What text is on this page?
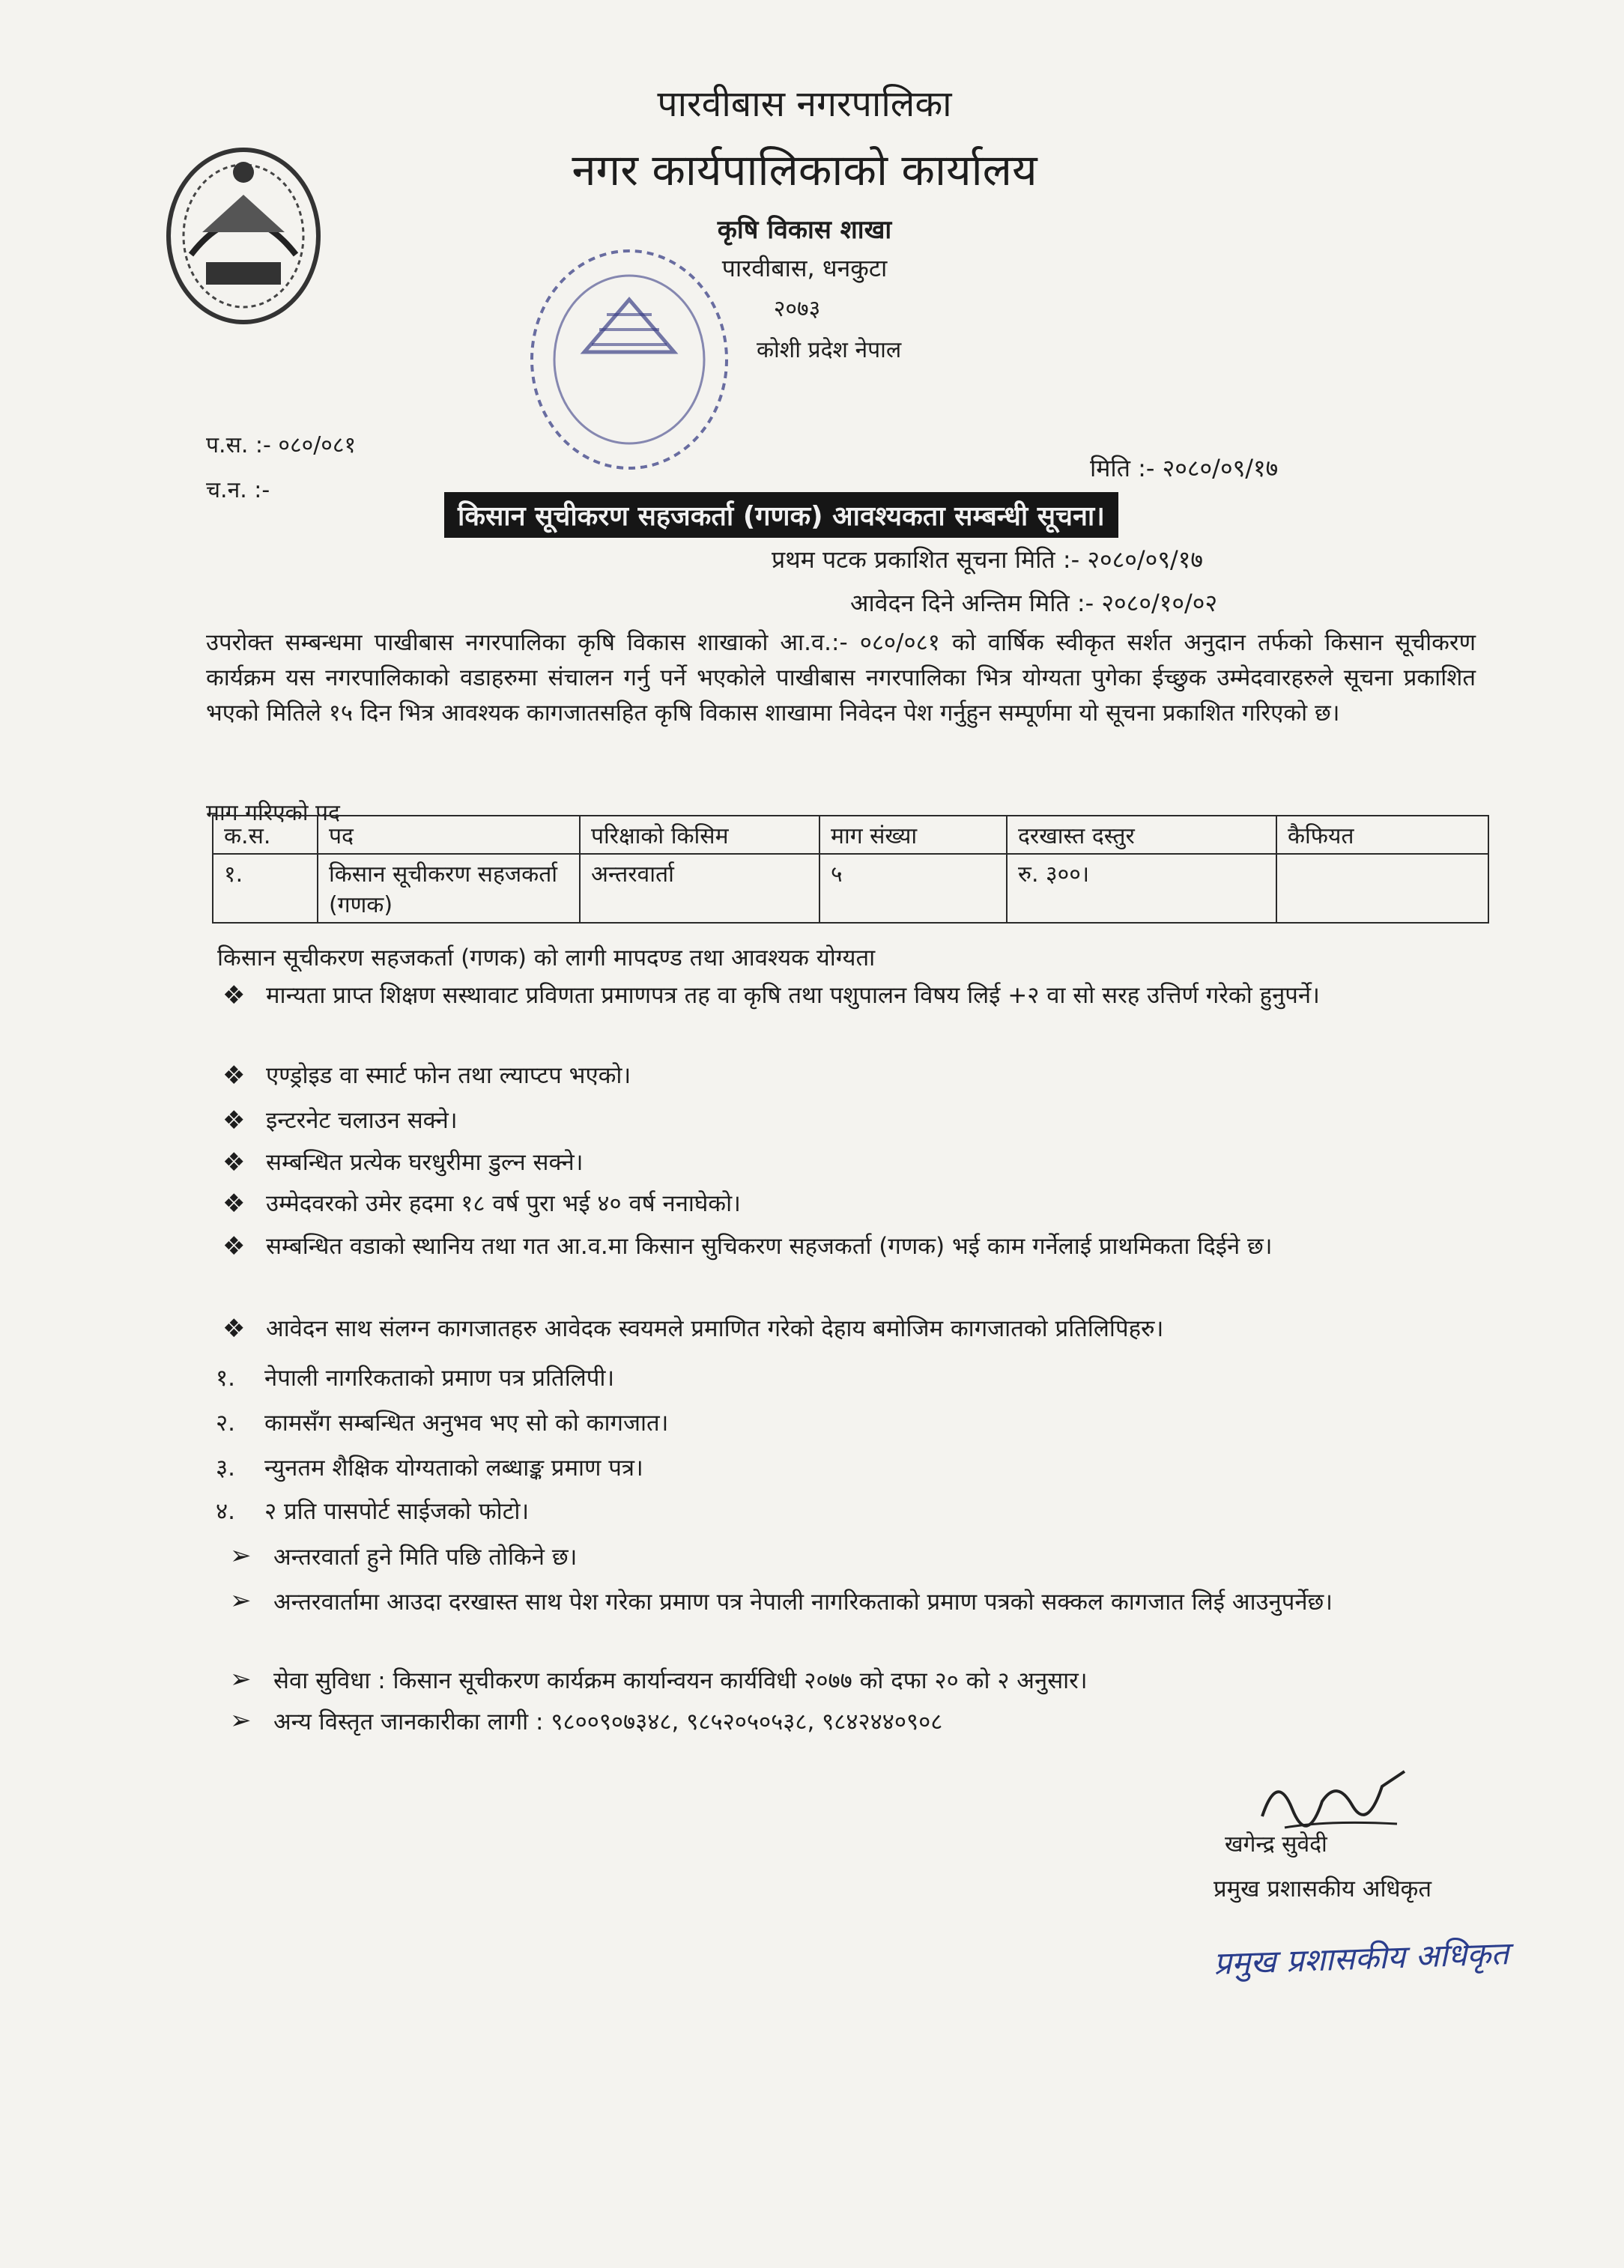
पारवीबास नगरपालिका
नगर कार्यपालिकाको कार्यालय
कृषि विकास शाखा
पारवीबास, धनकुटा
२०७३
कोशी प्रदेश नेपाल
प.स. :- ०८०/०८१
च.न. :-
मिति :- २०८०/०९/१७
किसान सूचीकरण सहजकर्ता (गणक) आवश्यकता सम्बन्धी सूचना।
प्रथम पटक प्रकाशित सूचना मिति :- २०८०/०९/१७
आवेदन दिने अन्तिम मिति :- २०८०/१०/०२
उपरोक्त सम्बन्धमा पाखीबास नगरपालिका कृषि विकास शाखाको आ.व.:- ०८०/०८१ को वार्षिक स्वीकृत सर्शत अनुदान तर्फको किसान सूचीकरण कार्यक्रम यस नगरपालिकाको वडाहरुमा संचालन गर्नु पर्ने भएकोले पाखीबास नगरपालिका भित्र योग्यता पुगेका ईच्छुक उम्मेदवारहरुले सूचना प्रकाशित भएको मितिले १५ दिन भित्र आवश्यक कागजातसहित कृषि विकास शाखामा निवेदन पेश गर्नुहुन सम्पूर्णमा यो सूचना प्रकाशित गरिएको छ।
माग गरिएको पद
क.स.	पद	परिक्षाको किसिम	माग संख्या	दरखास्त दस्तुर	कैफियत
१.	किसान सूचीकरण सहजकर्ता (गणक)	अन्तरवार्ता	५	रु. ३००।	
किसान सूचीकरण सहजकर्ता (गणक) को लागी मापदण्ड तथा आवश्यक योग्यता
❖ मान्यता प्राप्त शिक्षण सस्थावाट प्रविणता प्रमाणपत्र तह वा कृषि तथा पशुपालन विषय लिई +२ वा सो सरह उत्तिर्ण गरेको हुनुपर्ने।
❖ एण्ड्रोइड वा स्मार्ट फोन तथा ल्याप्टप भएको।
❖ इन्टरनेट चलाउन सक्ने।
❖ सम्बन्धित प्रत्येक घरधुरीमा डुल्न सक्ने।
❖ उम्मेदवरको उमेर हदमा १८ वर्ष पुरा भई ४० वर्ष ननाघेको।
❖ सम्बन्धित वडाको स्थानिय तथा गत आ.व.मा किसान सुचिकरण सहजकर्ता (गणक) भई काम गर्नेलाई प्राथमिकता दिईने छ।
❖ आवेदन साथ संलग्न कागजातहरु आवेदक स्वयमले प्रमाणित गरेको देहाय बमोजिम कागजातको प्रतिलिपिहरु।
१. नेपाली नागरिकताको प्रमाण पत्र प्रतिलिपी।
२. कामसँग सम्बन्धित अनुभव भए सो को कागजात।
३. न्युनतम शैक्षिक योग्यताको लब्धाङ्क प्रमाण पत्र।
४. २ प्रति पासपोर्ट साईजको फोटो।
➢ अन्तरवार्ता हुने मिति पछि तोकिने छ।
➢ अन्तरवार्तामा आउदा दरखास्त साथ पेश गरेका प्रमाण पत्र नेपाली नागरिकताको प्रमाण पत्रको सक्कल कागजात लिई आउनुपर्नेछ।
➢ सेवा सुविधा : किसान सूचीकरण कार्यक्रम कार्यान्वयन कार्यविधी २०७७ को दफा २० को २ अनुसार।
➢ अन्य विस्तृत जानकारीका लागी : ९८००९०७३४८, ९८५२०५०५३८, ९८४२४४०९०८
खगेन्द्र सुवेदी
प्रमुख प्रशासकीय अधिकृत
प्रमुख प्रशासकीय अधिकृत
